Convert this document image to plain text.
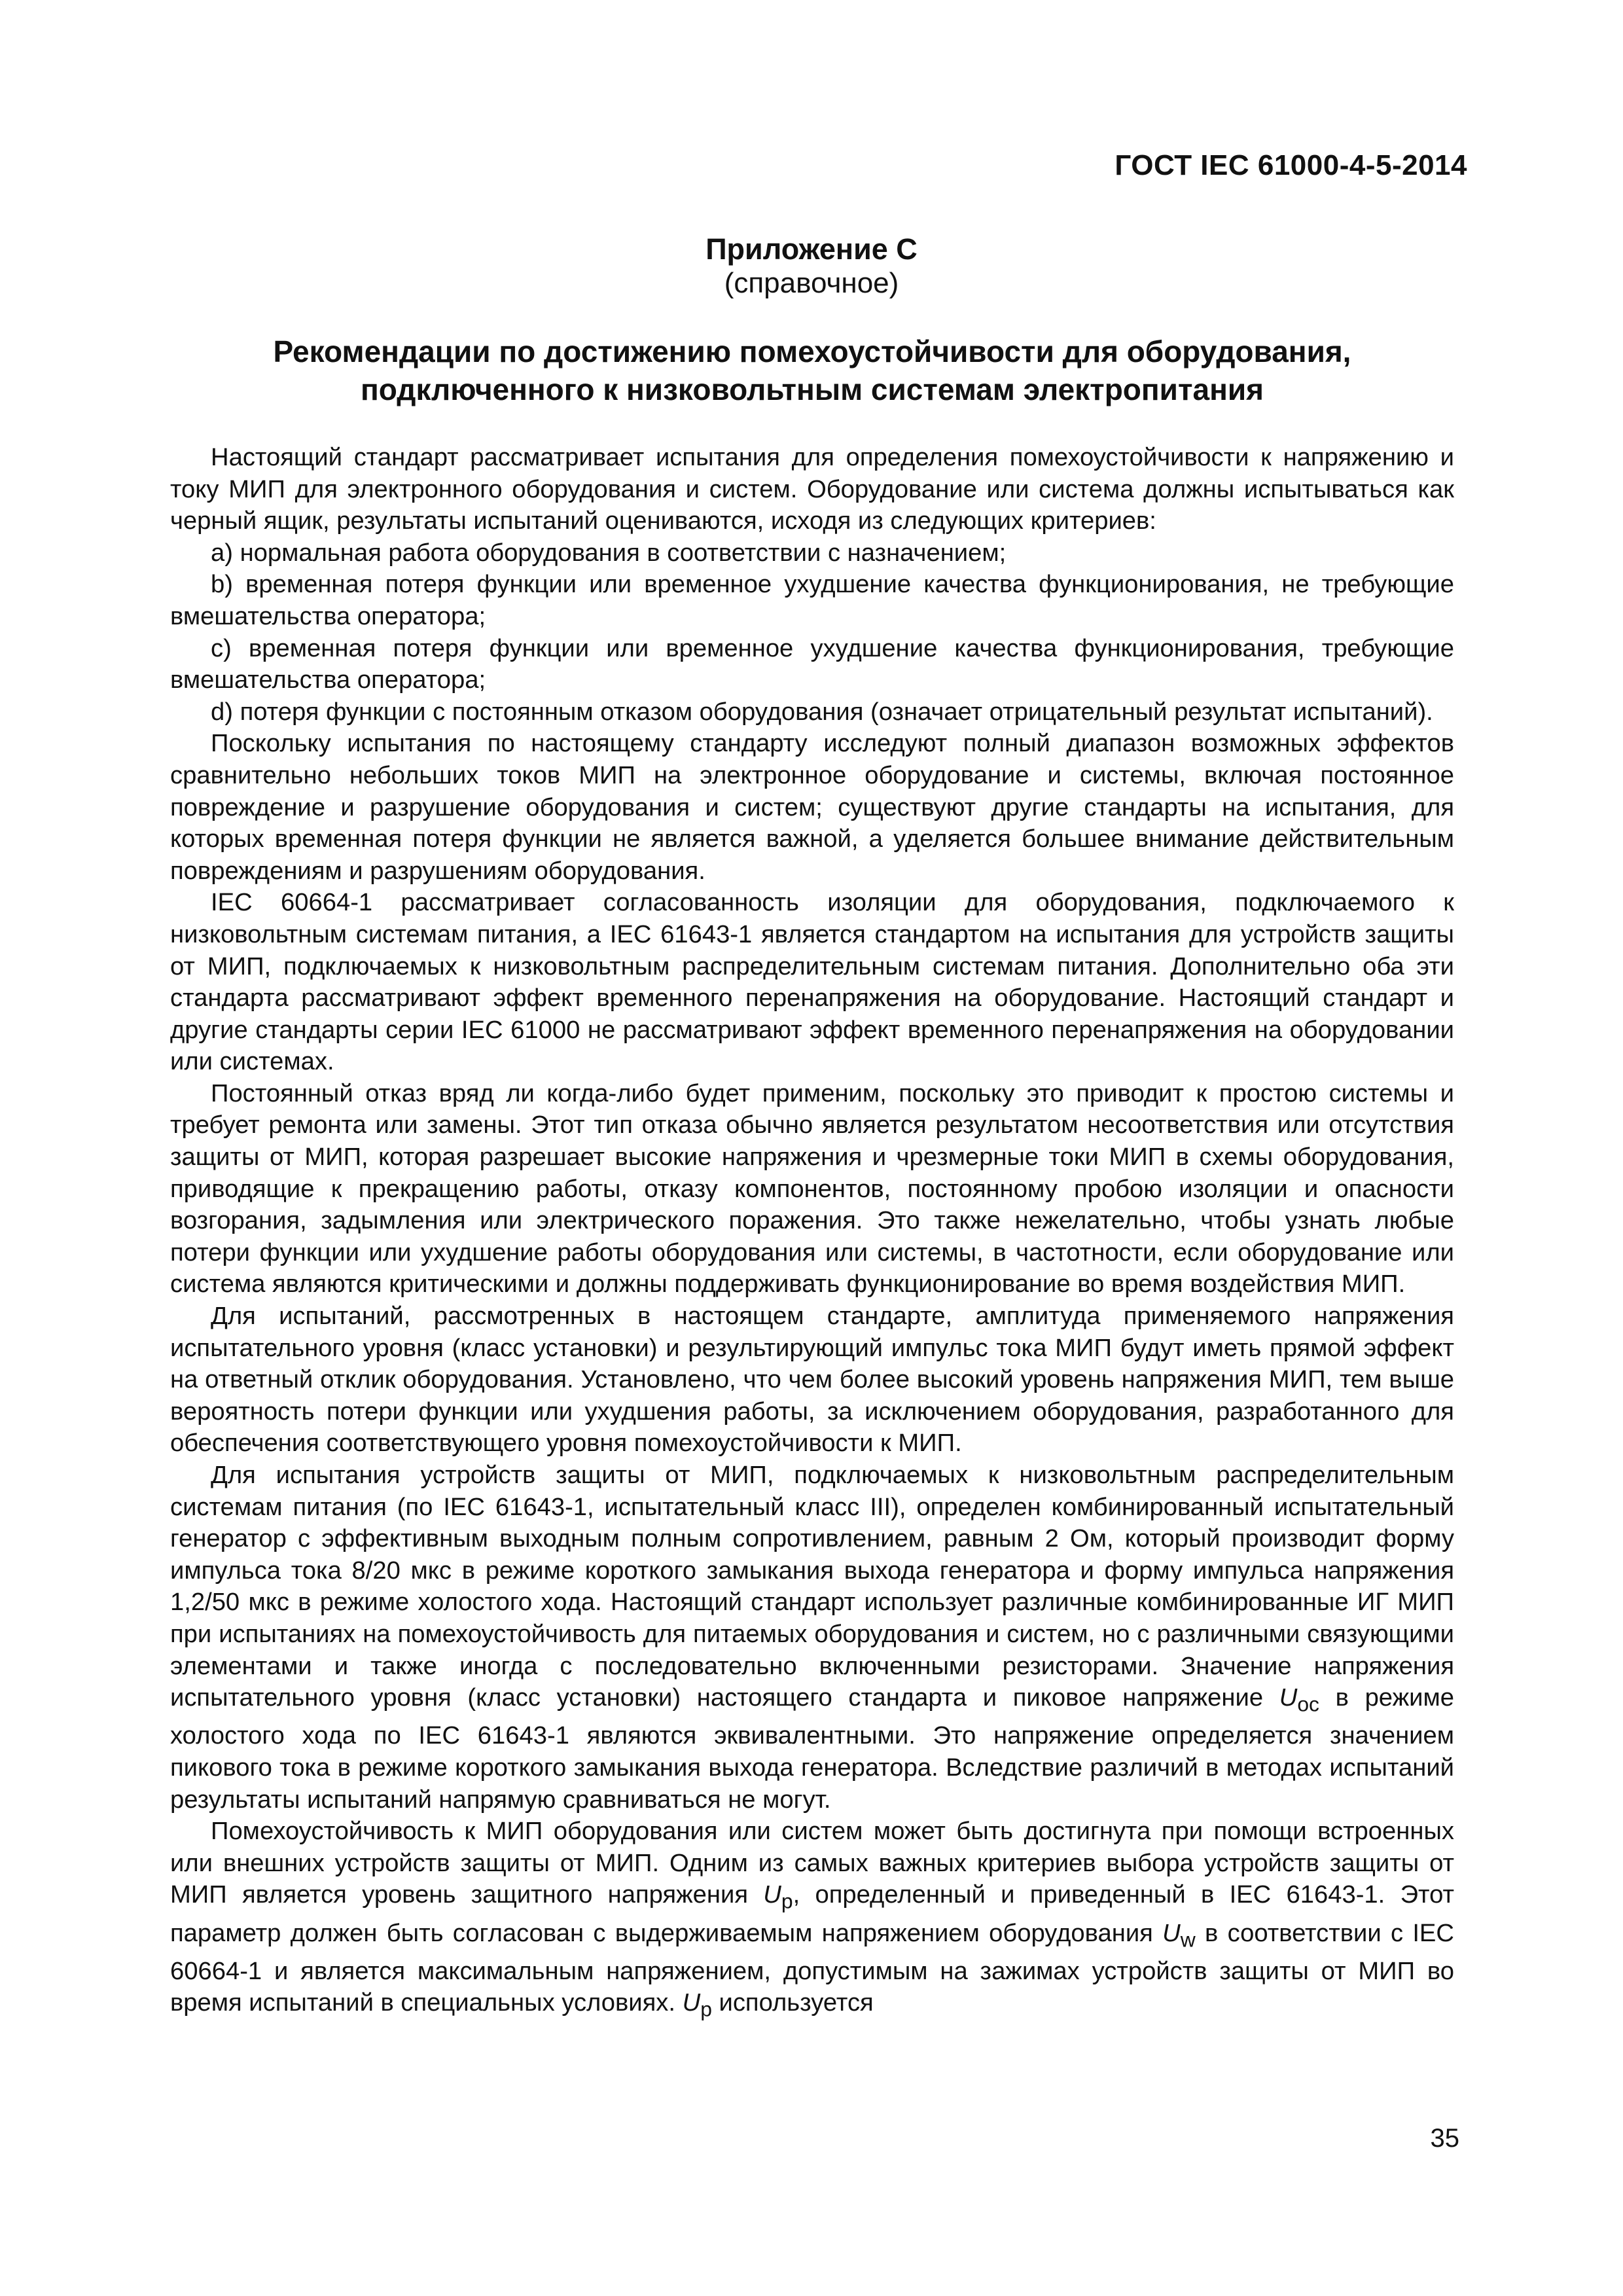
ГОСТ IEC 61000-4-5-2014
Приложение С
(справочное)
Рекомендации по достижению помехоустойчивости для оборудования,
подключенного к низковольтным системам электропитания

Настоящий стандарт рассматривает испытания для определения помехоустойчивости к напряжению и току МИП для электронного оборудования и систем. Оборудование или система должны испытываться как черный ящик, результаты испытаний оцениваются, исходя из следующих критериев:

а) нормальная работа оборудования в соответствии с назначением;

b) временная потеря функции или временное ухудшение качества функционирования, не требующие вмешательства оператора;

c) временная потеря функции или временное ухудшение качества функционирования, требующие вмешательства оператора;

d) потеря функции с постоянным отказом оборудования (означает отрицательный результат испытаний).

Поскольку испытания по настоящему стандарту исследуют полный диапазон возможных эффектов сравнительно небольших токов МИП на электронное оборудование и системы, включая постоянное повреждение и разрушение оборудования и систем; существуют другие стандарты на испытания, для которых временная потеря функции не является важной, а уделяется большее внимание действительным повреждениям и разрушениям оборудования.

IEC 60664-1 рассматривает согласованность изоляции для оборудования, подключаемого к низковольтным системам питания, а IEC 61643-1 является стандартом на испытания для устройств защиты от МИП, подключаемых к низковольтным распределительным системам питания. Дополнительно оба эти стандарта рассматривают эффект временного перенапряжения на оборудование. Настоящий стандарт и другие стандарты серии IEC 61000 не рассматривают эффект временного перенапряжения на оборудовании или системах.

Постоянный отказ вряд ли когда-либо будет применим, поскольку это приводит к простою системы и требует ремонта или замены. Этот тип отказа обычно является результатом несоответствия или отсутствия защиты от МИП, которая разрешает высокие напряжения и чрезмерные токи МИП в схемы оборудования, приводящие к прекращению работы, отказу компонентов, постоянному пробою изоляции и опасности возгорания, задымления или электрического поражения. Это также нежелательно, чтобы узнать любые потери функции или ухудшение работы оборудования или системы, в частотности, если оборудование или система являются критическими и должны поддерживать функционирование во время воздействия МИП.

Для испытаний, рассмотренных в настоящем стандарте, амплитуда применяемого напряжения испытательного уровня (класс установки) и результирующий импульс тока МИП будут иметь прямой эффект на ответный отклик оборудования. Установлено, что чем более высокий уровень напряжения МИП, тем выше вероятность потери функции или ухудшения работы, за исключением оборудования, разработанного для обеспечения соответствующего уровня помехоустойчивости к МИП.

Для испытания устройств защиты от МИП, подключаемых к низковольтным распределительным системам питания (по IEC 61643-1, испытательный класс III), определен комбинированный испытательный генератор с эффективным выходным полным сопротивлением, равным 2 Ом, который производит форму импульса тока 8/20 мкс в режиме короткого замыкания выхода генератора и форму импульса напряжения 1,2/50 мкс в режиме холостого хода. Настоящий стандарт использует различные комбинированные ИГ МИП при испытаниях на помехоустойчивость для питаемых оборудования и систем, но с различными связующими элементами и также иногда с последовательно включенными резисторами. Значение напряжения испытательного уровня (класс установки) настоящего стандарта и пиковое напряжение $U_{oc}$ в режиме холостого хода по IEC 61643-1 являются эквивалентными. Это напряжение определяется значением пикового тока в режиме короткого замыкания выхода генератора. Вследствие различий в методах испытаний результаты испытаний напрямую сравниваться не могут.

Помехоустойчивость к МИП оборудования или систем может быть достигнута при помощи встроенных или внешних устройств защиты от МИП. Одним из самых важных критериев выбора устройств защиты от МИП является уровень защитного напряжения $U_p$, определенный и приведенный в IEC 61643-1. Этот параметр должен быть согласован с выдерживаемым напряжением оборудования $U_w$ в соответствии с IEC 60664-1 и является максимальным напряжением, допустимым на зажимах устройств защиты от МИП во время испытаний в специальных условиях. $U_p$ используется

35
